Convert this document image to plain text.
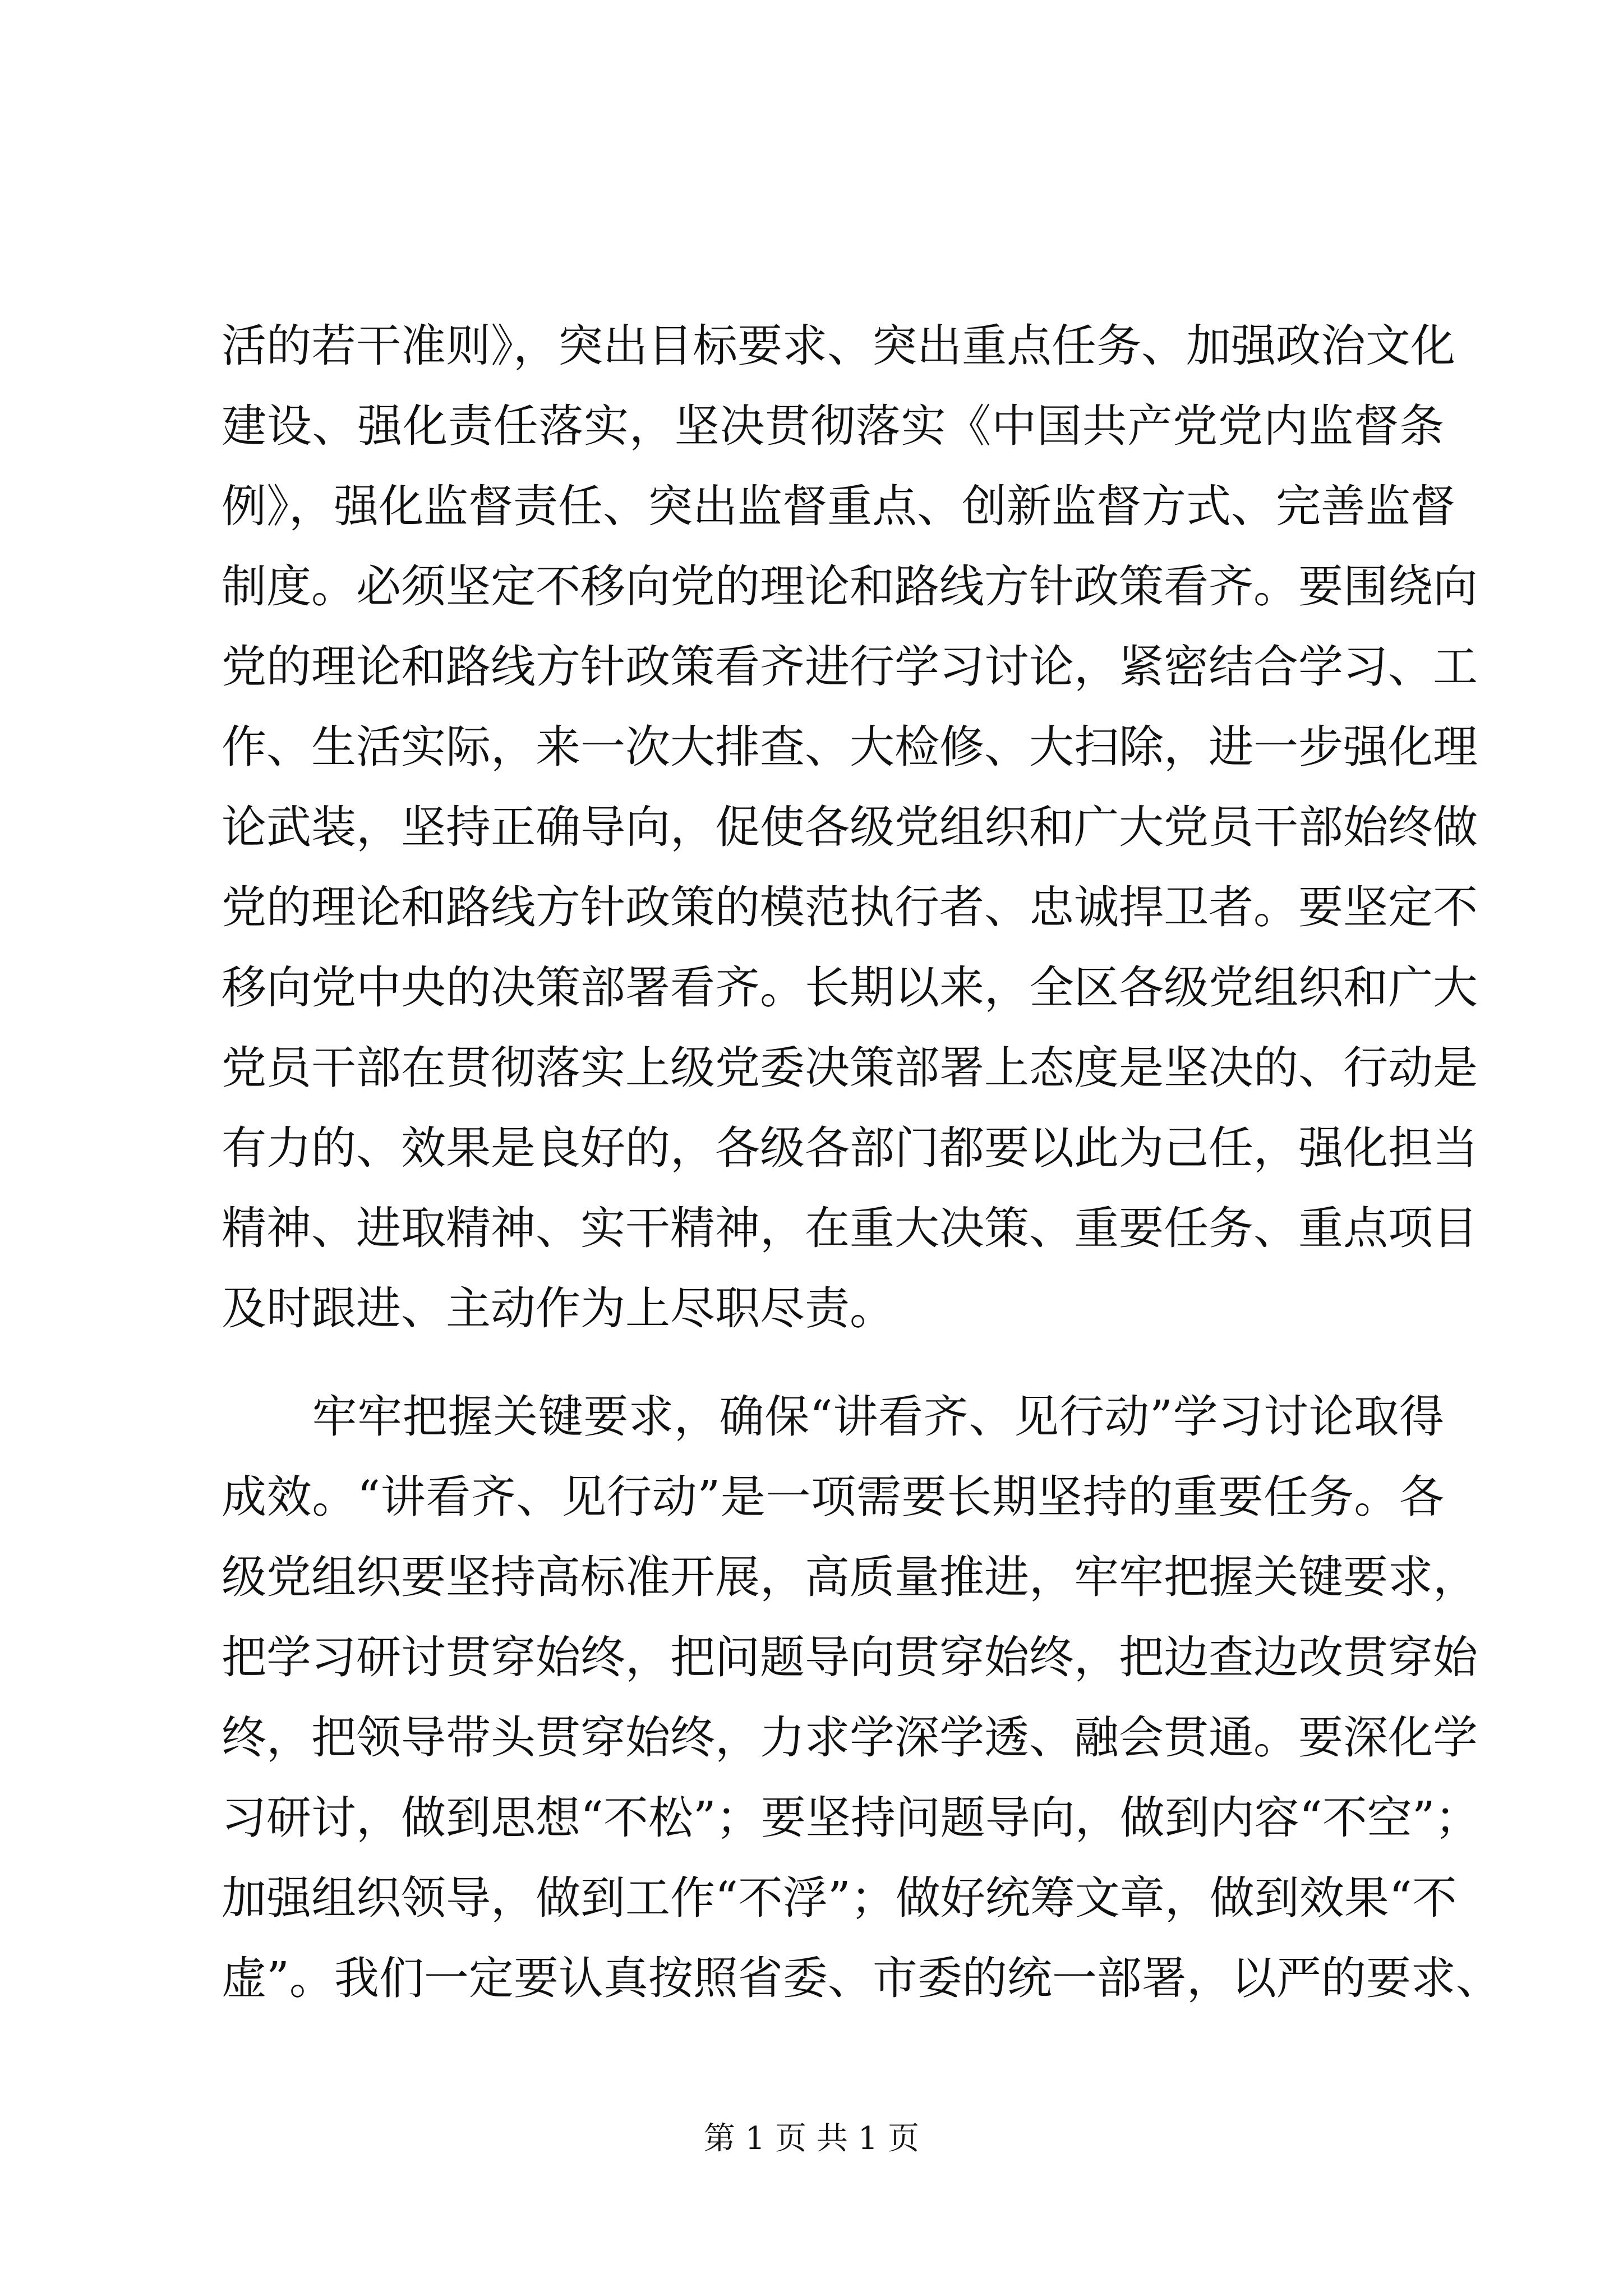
活的若干准则》，突出目标要求、突出重点任务、加强政治文化
建设、强化责任落实，坚决贯彻落实《中国共产党党内监督条
例》，强化监督责任、突出监督重点、创新监督方式、完善监督
制度。必须坚定不移向党的理论和路线方针政策看齐。要围绕向
党的理论和路线方针政策看齐进行学习讨论，紧密结合学习、工
作、生活实际，来一次大排查、大检修、大扫除，进一步强化理
论武装，坚持正确导向，促使各级党组织和广大党员干部始终做
党的理论和路线方针政策的模范执行者、忠诚捍卫者。要坚定不
移向党中央的决策部署看齐。长期以来，全区各级党组织和广大
党员干部在贯彻落实上级党委决策部署上态度是坚决的、行动是
有力的、效果是良好的，各级各部门都要以此为己任，强化担当
精神、进取精神、实干精神，在重大决策、重要任务、重点项目
及时跟进、主动作为上尽职尽责。
　　牢牢把握关键要求，确保“讲看齐、见行动”学习讨论取得
成效。“讲看齐、见行动”是一项需要长期坚持的重要任务。各
级党组织要坚持高标准开展，高质量推进，牢牢把握关键要求，
把学习研讨贯穿始终，把问题导向贯穿始终，把边查边改贯穿始
终，把领导带头贯穿始终，力求学深学透、融会贯通。要深化学
习研讨，做到思想“不松”；要坚持问题导向，做到内容“不空”；
加强组织领导，做到工作“不浮”；做好统筹文章，做到效果“不
虚”。我们一定要认真按照省委、市委的统一部署，以严的要求、
第 1 页 共 1 页
